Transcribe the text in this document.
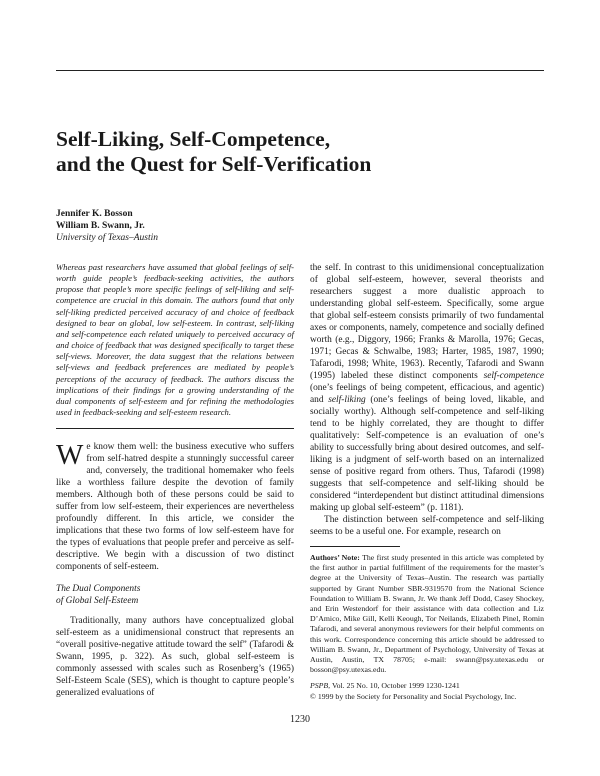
Self-Liking, Self-Competence,
and the Quest for Self-Verification
Jennifer K. Bosson
William B. Swann, Jr.
University of Texas–Austin

Whereas past researchers have assumed that global feelings of self-worth guide people’s feedback-seeking activities, the authors propose that people’s more specific feelings of self-liking and self-competence are crucial in this domain. The authors found that only self-liking predicted perceived accuracy of and choice of feedback designed to bear on global, low self-esteem. In contrast, self-liking and self-competence each related uniquely to perceived accuracy of and choice of feedback that was designed specifically to target these self-views. Moreover, the data suggest that the relations between self-views and feedback preferences are mediated by people’s perceptions of the accuracy of feedback. The authors discuss the implications of their findings for a growing understanding of the dual components of self-esteem and for refining the methodologies used in feedback-seeking and self-esteem research.

We know them well: the business executive who suffers from self-hatred despite a stunningly successful career and, conversely, the traditional homemaker who feels like a worthless failure despite the devotion of family members. Although both of these persons could be said to suffer from low self-esteem, their experiences are nevertheless profoundly different. In this article, we consider the implications that these two forms of low self-esteem have for the types of evaluations that people prefer and perceive as self-descriptive. We begin with a discussion of two distinct components of self-esteem.

The Dual Components
of Global Self-Esteem

Traditionally, many authors have conceptualized global self-esteem as a unidimensional construct that represents an “overall positive-negative attitude toward the self” (Tafarodi & Swann, 1995, p. 322). As such, global self-esteem is commonly assessed with scales such as Rosenberg’s (1965) Self-Esteem Scale (SES), which is thought to capture people’s generalized evaluations of

the self. In contrast to this unidimensional conceptualization of global self-esteem, however, several theorists and researchers suggest a more dualistic approach to understanding global self-esteem. Specifically, some argue that global self-esteem consists primarily of two fundamental axes or components, namely, competence and socially defined worth (e.g., Diggory, 1966; Franks & Marolla, 1976; Gecas, 1971; Gecas & Schwalbe, 1983; Harter, 1985, 1987, 1990; Tafarodi, 1998; White, 1963). Recently, Tafarodi and Swann (1995) labeled these distinct components self-competence (one’s feelings of being competent, efficacious, and agentic) and self-liking (one’s feelings of being loved, likable, and socially worthy). Although self-competence and self-liking tend to be highly correlated, they are thought to differ qualitatively: Self-competence is an evaluation of one’s ability to successfully bring about desired outcomes, and self-liking is a judgment of self-worth based on an internalized sense of positive regard from others. Thus, Tafarodi (1998) suggests that self-competence and self-liking should be considered “interdependent but distinct attitudinal dimensions making up global self-esteem” (p. 1181).

The distinction between self-competence and self-liking seems to be a useful one. For example, research on

Authors’ Note: The first study presented in this article was completed by the first author in partial fulfillment of the requirements for the master’s degree at the University of Texas–Austin. The research was partially supported by Grant Number SBR-9319570 from the National Science Foundation to William B. Swann, Jr. We thank Jeff Dodd, Casey Shockey, and Erin Westendorf for their assistance with data collection and Liz D’Amico, Mike Gill, Kelli Keough, Tor Neilands, Elizabeth Pinel, Romin Tafarodi, and several anonymous reviewers for their helpful comments on this work. Correspondence concerning this article should be addressed to William B. Swann, Jr., Department of Psychology, University of Texas at Austin, Austin, TX 78705; e-mail: swann@psy.utexas.edu or bosson@psy.utexas.edu.
PSPB, Vol. 25 No. 10, October 1999 1230-1241
© 1999 by the Society for Personality and Social Psychology, Inc.
1230
